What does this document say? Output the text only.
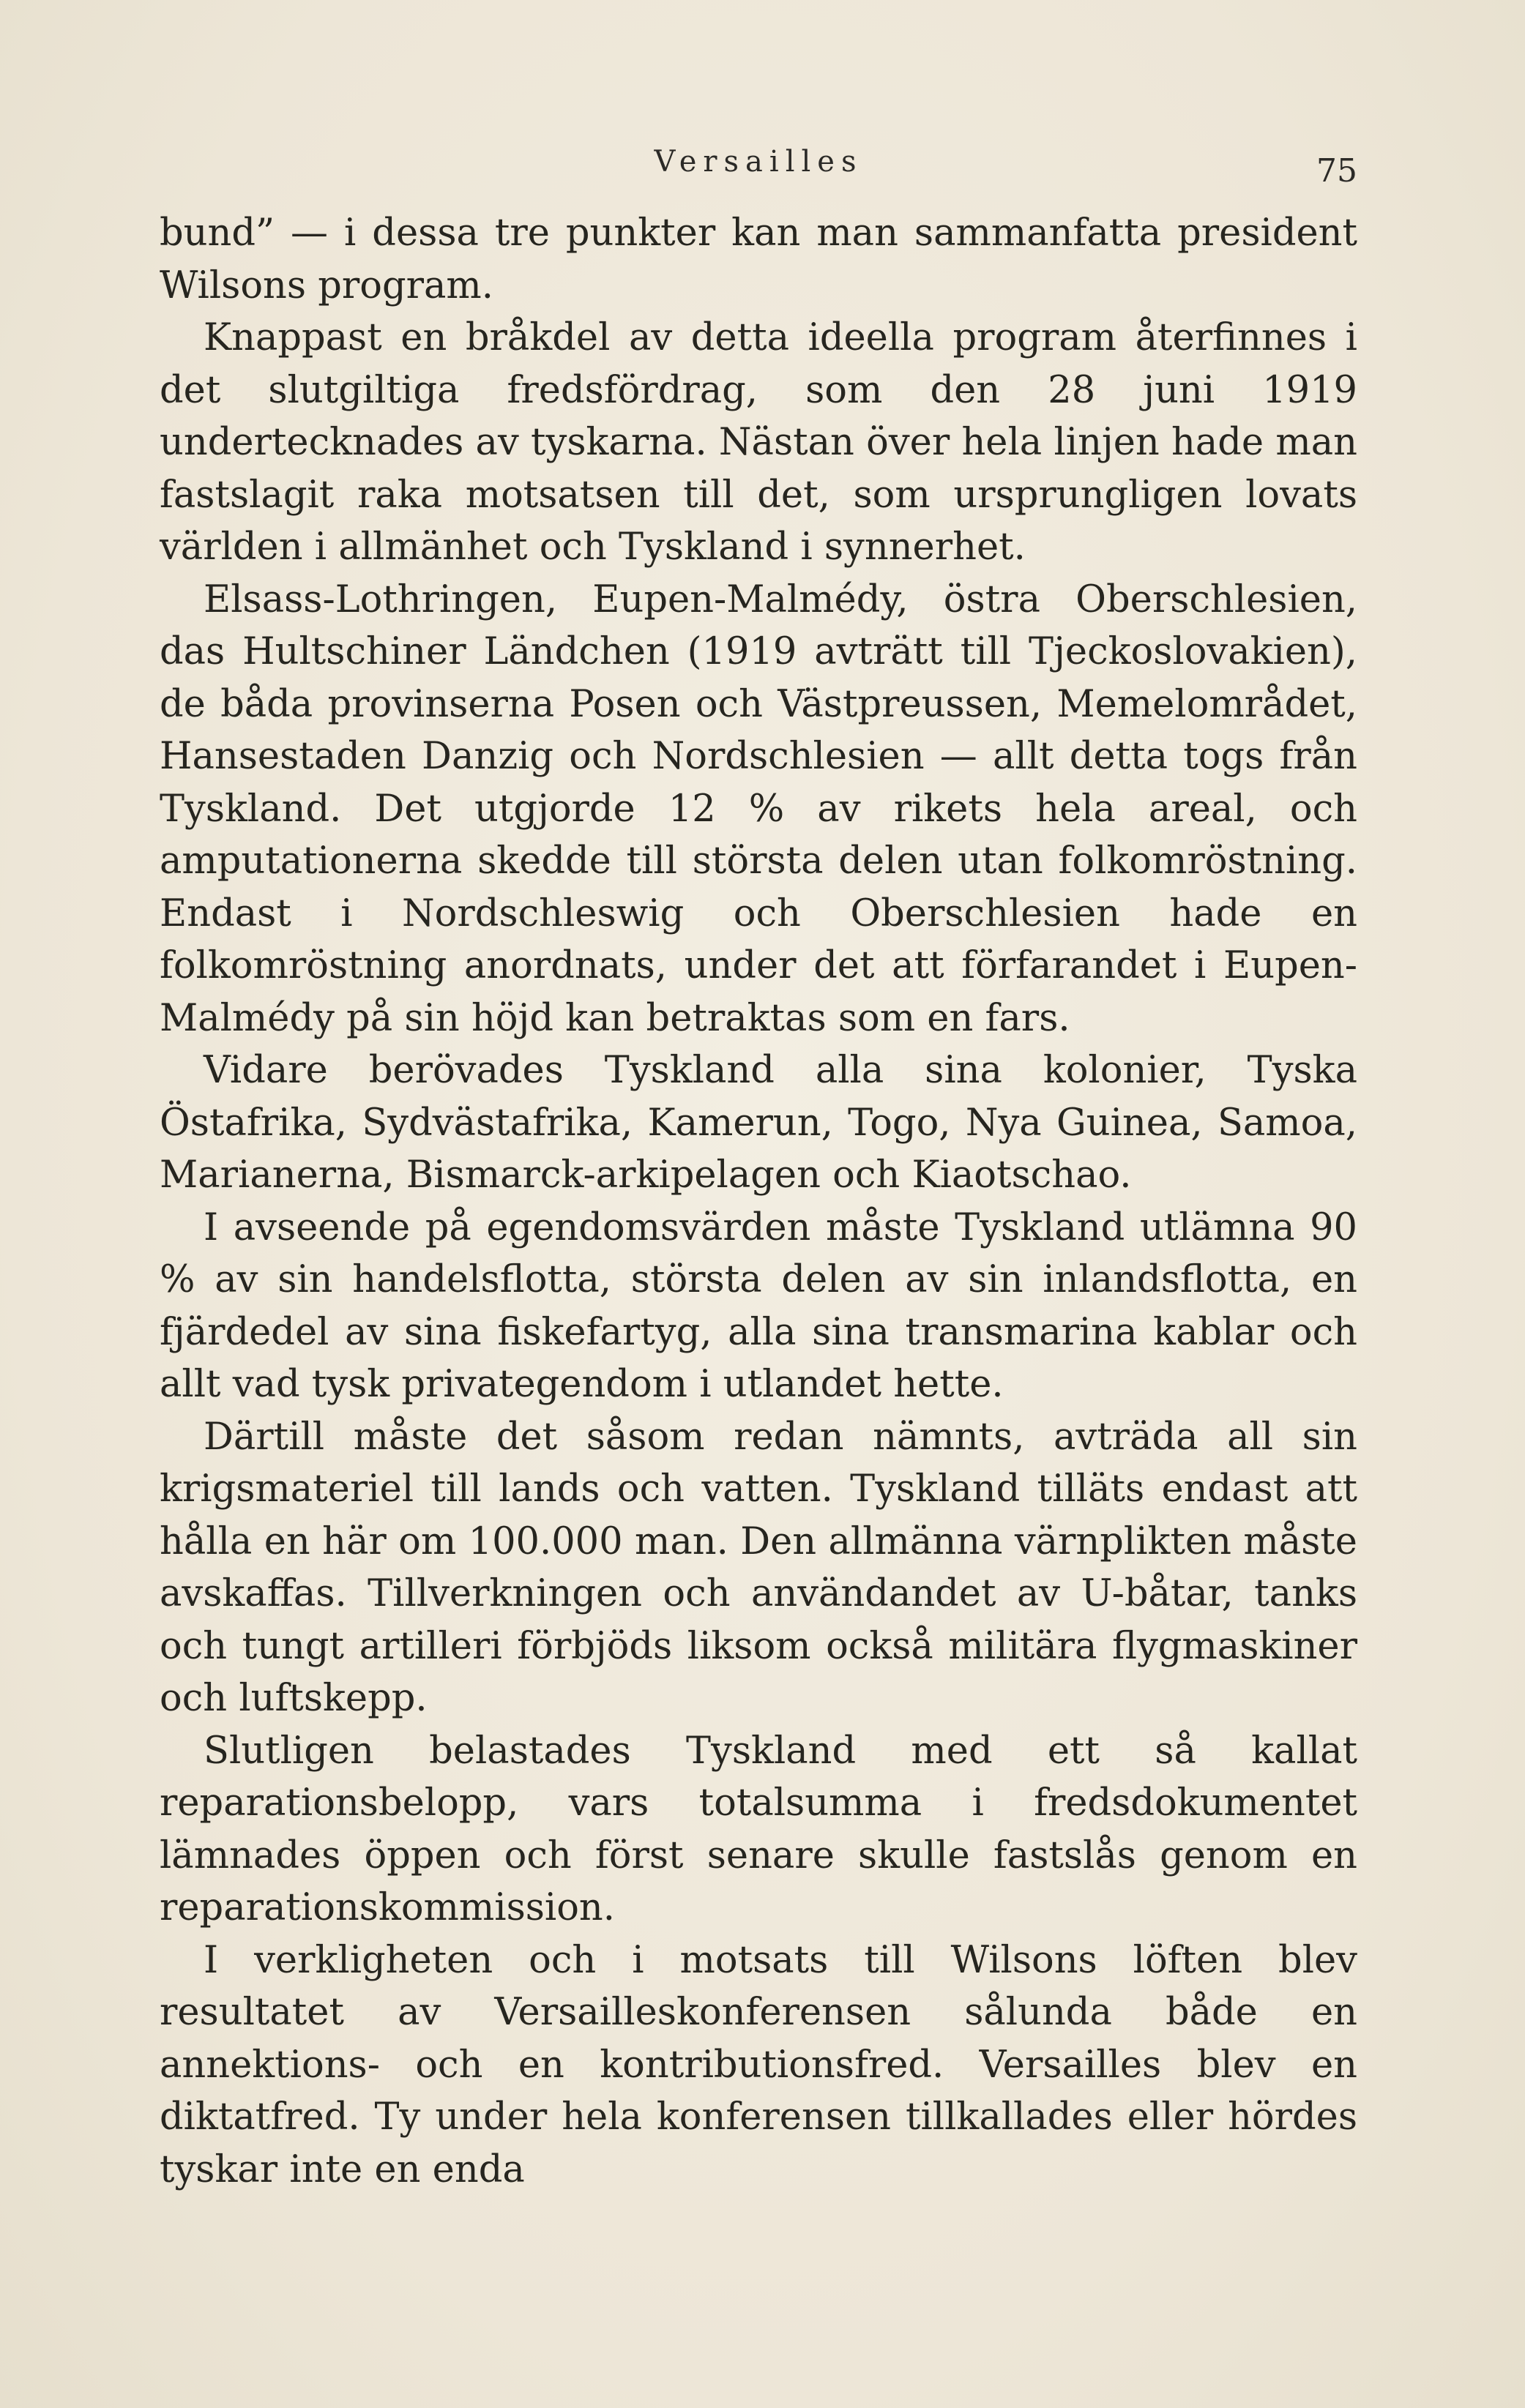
Versailles	75

bund” — i dessa tre punkter kan man sammanfatta president Wilsons program.

Knappast en bråkdel av detta ideella program återfinnes i det slutgiltiga fredsfördrag, som den 28 juni 1919 undertecknades av tyskarna. Nästan över hela linjen hade man fastslagit raka motsatsen till det, som ursprungligen lovats världen i allmänhet och Tyskland i synnerhet.

Elsass-Lothringen, Eupen-Malmédy, östra Oberschlesien, das Hultschiner Ländchen (1919 avträtt till Tjeckoslovakien), de båda provinserna Posen och Västpreussen, Memelområdet, Hansestaden Danzig och Nordschlesien — allt detta togs från Tyskland. Det utgjorde 12 % av rikets hela areal, och amputationerna skedde till största delen utan folkomröstning. Endast i Nordschleswig och Oberschlesien hade en folkomröstning anordnats, under det att förfarandet i Eupen-Malmédy på sin höjd kan betraktas som en fars.

Vidare berövades Tyskland alla sina kolonier, Tyska Östafrika, Sydvästafrika, Kamerun, Togo, Nya Guinea, Samoa, Marianerna, Bismarck-arkipelagen och Kiaotschao.

I avseende på egendomsvärden måste Tyskland utlämna 90 % av sin handelsflotta, största delen av sin inlandsflotta, en fjärdedel av sina fiskefartyg, alla sina transmarina kablar och allt vad tysk privategendom i utlandet hette.

Därtill måste det såsom redan nämnts, avträda all sin krigsmateriel till lands och vatten. Tyskland tilläts endast att hålla en här om 100.000 man. Den allmänna värnplikten måste avskaffas. Tillverkningen och användandet av U-båtar, tanks och tungt artilleri förbjöds liksom också militära flygmaskiner och luftskepp.

Slutligen belastades Tyskland med ett så kallat reparationsbelopp, vars totalsumma i fredsdokumentet lämnades öppen och först senare skulle fastslås genom en reparationskommission.

I verkligheten och i motsats till Wilsons löften blev resultatet av Versailleskonferensen sålunda både en annektions- och en kontributionsfred. Versailles blev en diktatfred. Ty under hela konferensen tillkallades eller hördes tyskar inte en enda
